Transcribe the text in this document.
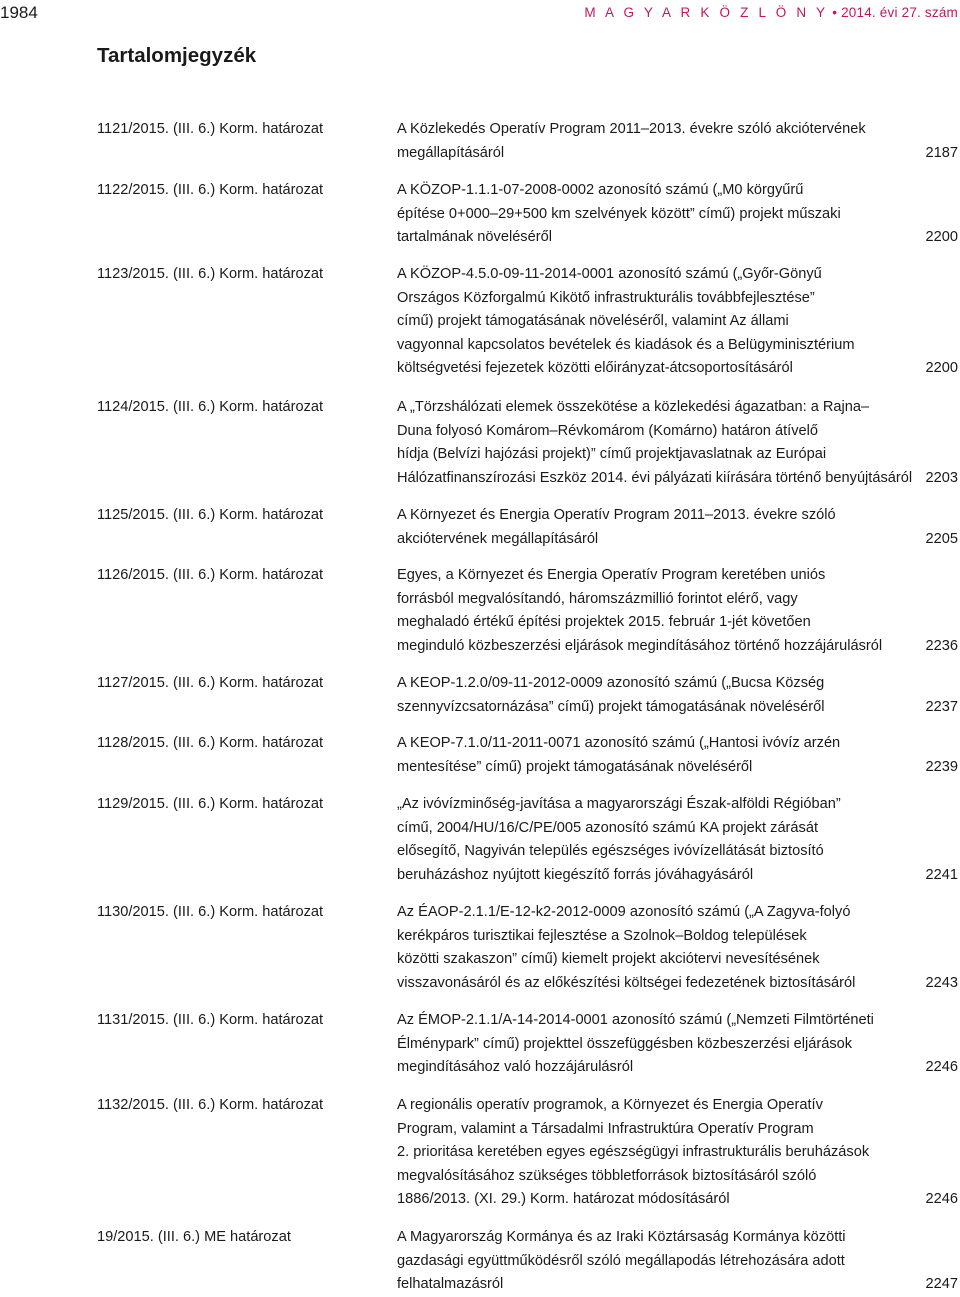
1984	M A G Y A R K Ö Z L Ö N Y • 2014. évi 27. szám
Tartalomjegyzék
1121/2015. (III. 6.) Korm. határozat	A Közlekedés Operatív Program 2011–2013. évekre szóló akciótervének
megállapításáról	2187
1122/2015. (III. 6.) Korm. határozat	A KÖZOP-1.1.1-07-2008-0002 azonosító számú („M0 körgyűrű
építése 0+000–29+500 km szelvények között” című) projekt műszaki
tartalmának növeléséről	2200
1123/2015. (III. 6.) Korm. határozat	A KÖZOP-4.5.0-09-11-2014-0001 azonosító számú („Győr-Gönyű
Országos Közforgalmú Kikötő infrastrukturális továbbfejlesztése”
című) projekt támogatásának növeléséről, valamint Az állami
vagyonnal kapcsolatos bevételek és kiadások és a Belügyminisztérium
költségvetési fejezetek közötti előirányzat-átcsoportosításáról	2200
1124/2015. (III. 6.) Korm. határozat	A „Törzshálózati elemek összekötése a közlekedési ágazatban: a Rajna–
Duna folyosó Komárom–Révkomárom (Komárno) határon átívelő
hídja (Belvízi hajózási projekt)” című projektjavaslatnak az Európai
Hálózatfinanszírozási Eszköz 2014. évi pályázati kiírására történő benyújtásáról 2203
1125/2015. (III. 6.) Korm. határozat	A Környezet és Energia Operatív Program 2011–2013. évekre szóló
akciótervének megállapításáról	2205
1126/2015. (III. 6.) Korm. határozat	Egyes, a Környezet és Energia Operatív Program keretében uniós
forrásból megvalósítandó, háromszázmillió forintot elérő, vagy
meghaladó értékű építési projektek 2015. február 1-jét követően
meginduló közbeszerzési eljárások megindításához történő hozzájárulásról	2236
1127/2015. (III. 6.) Korm. határozat	A KEOP-1.2.0/09-11-2012-0009 azonosító számú („Bucsa Község
szennyvízcsatornázása” című) projekt támogatásának növeléséről	2237
1128/2015. (III. 6.) Korm. határozat	A KEOP-7.1.0/11-2011-0071 azonosító számú („Hantosi ivóvíz arzén
mentesítése” című) projekt támogatásának növeléséről	2239
1129/2015. (III. 6.) Korm. határozat	„Az ivóvízminőség-javítása a magyarországi Észak-alföldi Régióban”
című, 2004/HU/16/C/PE/005 azonosító számú KA projekt zárását
elősegítő, Nagyiván település egészséges ivóvízellátását biztosító
beruházáshoz nyújtott kiegészítő forrás jóváhagyásáról	2241
1130/2015. (III. 6.) Korm. határozat	Az ÉAOP-2.1.1/E-12-k2-2012-0009 azonosító számú („A Zagyva-folyó
kerékpáros turisztikai fejlesztése a Szolnok–Boldog települések
közötti szakaszon” című) kiemelt projekt akciótervi nevesítésének
visszavonásáról és az előkészítési költségei fedezetének biztosításáról	2243
1131/2015. (III. 6.) Korm. határozat	Az ÉMOP-2.1.1/A-14-2014-0001 azonosító számú („Nemzeti Filmtörténeti
Élménypark” című) projekttel összefüggésben közbeszerzési eljárások
megindításához való hozzájárulásról	2246
1132/2015. (III. 6.) Korm. határozat	A regionális operatív programok, a Környezet és Energia Operatív
Program, valamint a Társadalmi Infrastruktúra Operatív Program
2. prioritása keretében egyes egészségügyi infrastrukturális beruházások
megvalósításához szükséges többletforrások biztosításáról szóló
1886/2013. (XI. 29.) Korm. határozat módosításáról	2246
19/2015. (III. 6.) ME határozat	A Magyarország Kormánya és az Iraki Köztársaság Kormánya közötti
gazdasági együttműködésről szóló megállapodás létrehozására adott
felhatalmazásról	2247
